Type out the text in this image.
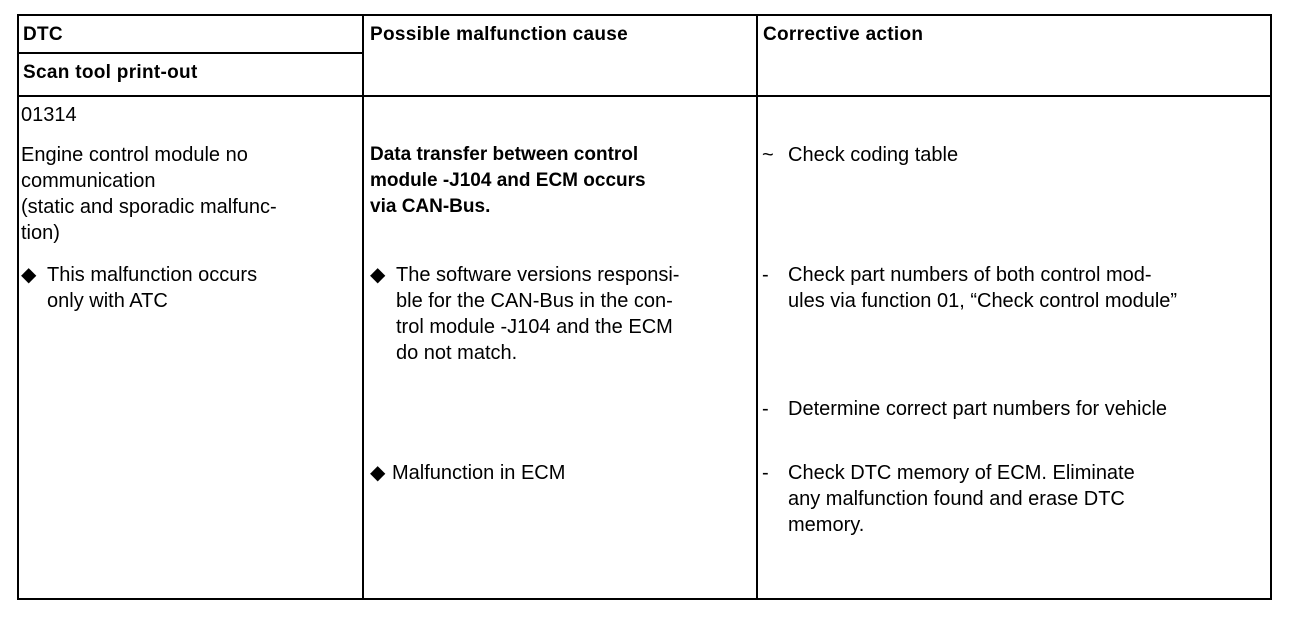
DTC
Scan tool print-out
Possible malfunction cause	Corrective action
01314
Engine control module no
communication
(static and sporadic malfunc-
tion)
◆ This malfunction occurs
only with ATC
Data transfer between control
module -J104 and ECM occurs
via CAN-Bus.
◆ The software versions responsi-
ble for the CAN-Bus in the con-
trol module -J104 and the ECM
do not match.
◆ Malfunction in ECM
~ Check coding table
- Check part numbers of both control mod-
ules via function 01, “Check control module”
- Determine correct part numbers for vehicle
- Check DTC memory of ECM. Eliminate
any malfunction found and erase DTC
memory.
